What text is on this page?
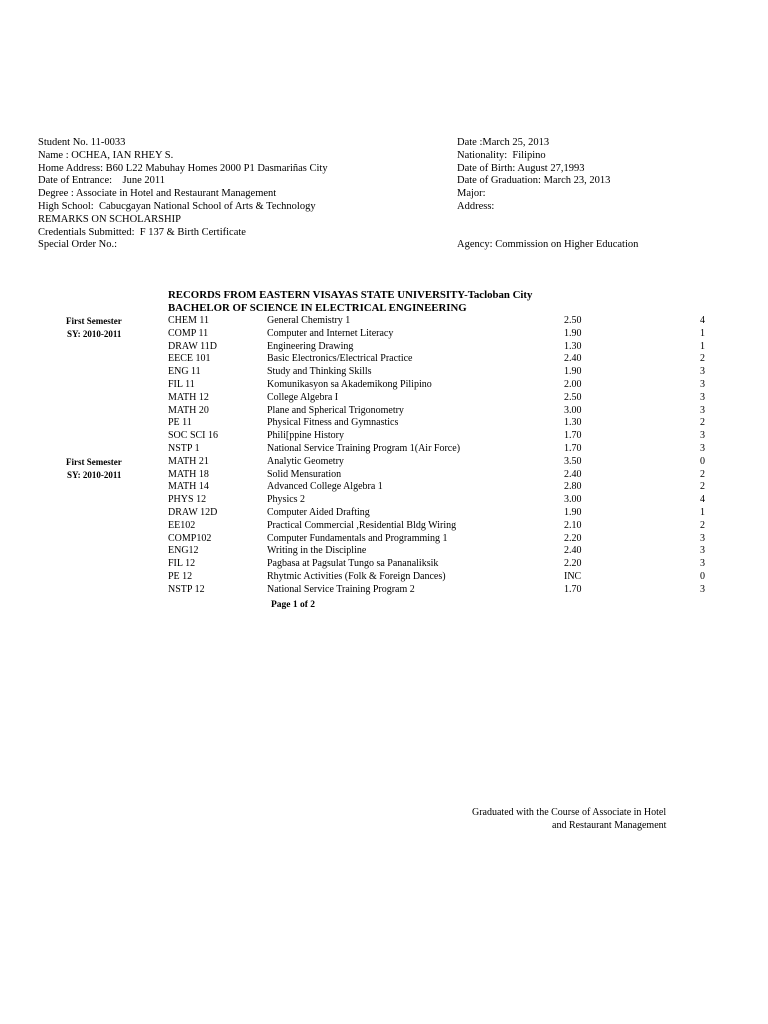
Student No. 11-0033
Name : OCHEA, IAN RHEY S.
Home Address: B60 L22 Mabuhay Homes 2000 P1 Dasmariñas City
Date of Entrance:    June 2011
Degree : Associate in Hotel and Restaurant Management
High School:  Cabucgayan National School of Arts & Technology
REMARKS ON SCHOLARSHIP
Credentials Submitted:  F 137 & Birth Certificate
Special Order No.:
Date :March 25, 2013
Nationality:  Filipino
Date of Birth: August 27,1993
Date of Graduation: March 23, 2013
Major:
Address:
Agency: Commission on Higher Education
RECORDS FROM EASTERN VISAYAS STATE UNIVERSITY-Tacloban City
BACHELOR OF SCIENCE IN ELECTRICAL ENGINEERING
First Semester
SY: 2010-2011
First Semester
SY: 2010-2011
CHEM 11	General Chemistry 1	2.50	4
COMP 11	Computer and Internet Literacy	1.90	1
DRAW 11D	Engineering Drawing	1.30	1
EECE 101	Basic Electronics/Electrical Practice	2.40	2
ENG 11	Study and Thinking Skills	1.90	3
FIL 11	Komunikasyon sa Akademikong Pilipino	2.00	3
MATH 12	College Algebra I	2.50	3
MATH 20	Plane and Spherical Trigonometry	3.00	3
PE 11	Physical Fitness and Gymnastics	1.30	2
SOC SCI 16	Phili[ppine History	1.70	3
NSTP 1	National Service Training Program 1(Air Force)	1.70	3
MATH 21	Analytic Geometry	3.50	0
MATH 18	Solid Mensuration	2.40	2
MATH 14	Advanced College Algebra 1	2.80	2
PHYS 12	Physics 2	3.00	4
DRAW 12D	Computer Aided Drafting	1.90	1
EE102	Practical Commercial ,Residential Bldg Wiring	2.10	2
COMP102	Computer Fundamentals and Programming 1	2.20	3
ENG12	Writing in the Discipline	2.40	3
FIL 12	Pagbasa at Pagsulat Tungo sa Pananaliksik	2.20	3
PE 12	Rhytmic Activities (Folk & Foreign Dances)	INC	0
NSTP 12	National Service Training Program 2	1.70	3
Page 1 of 2
Graduated with the Course of Associate in Hotel
and Restaurant Management
